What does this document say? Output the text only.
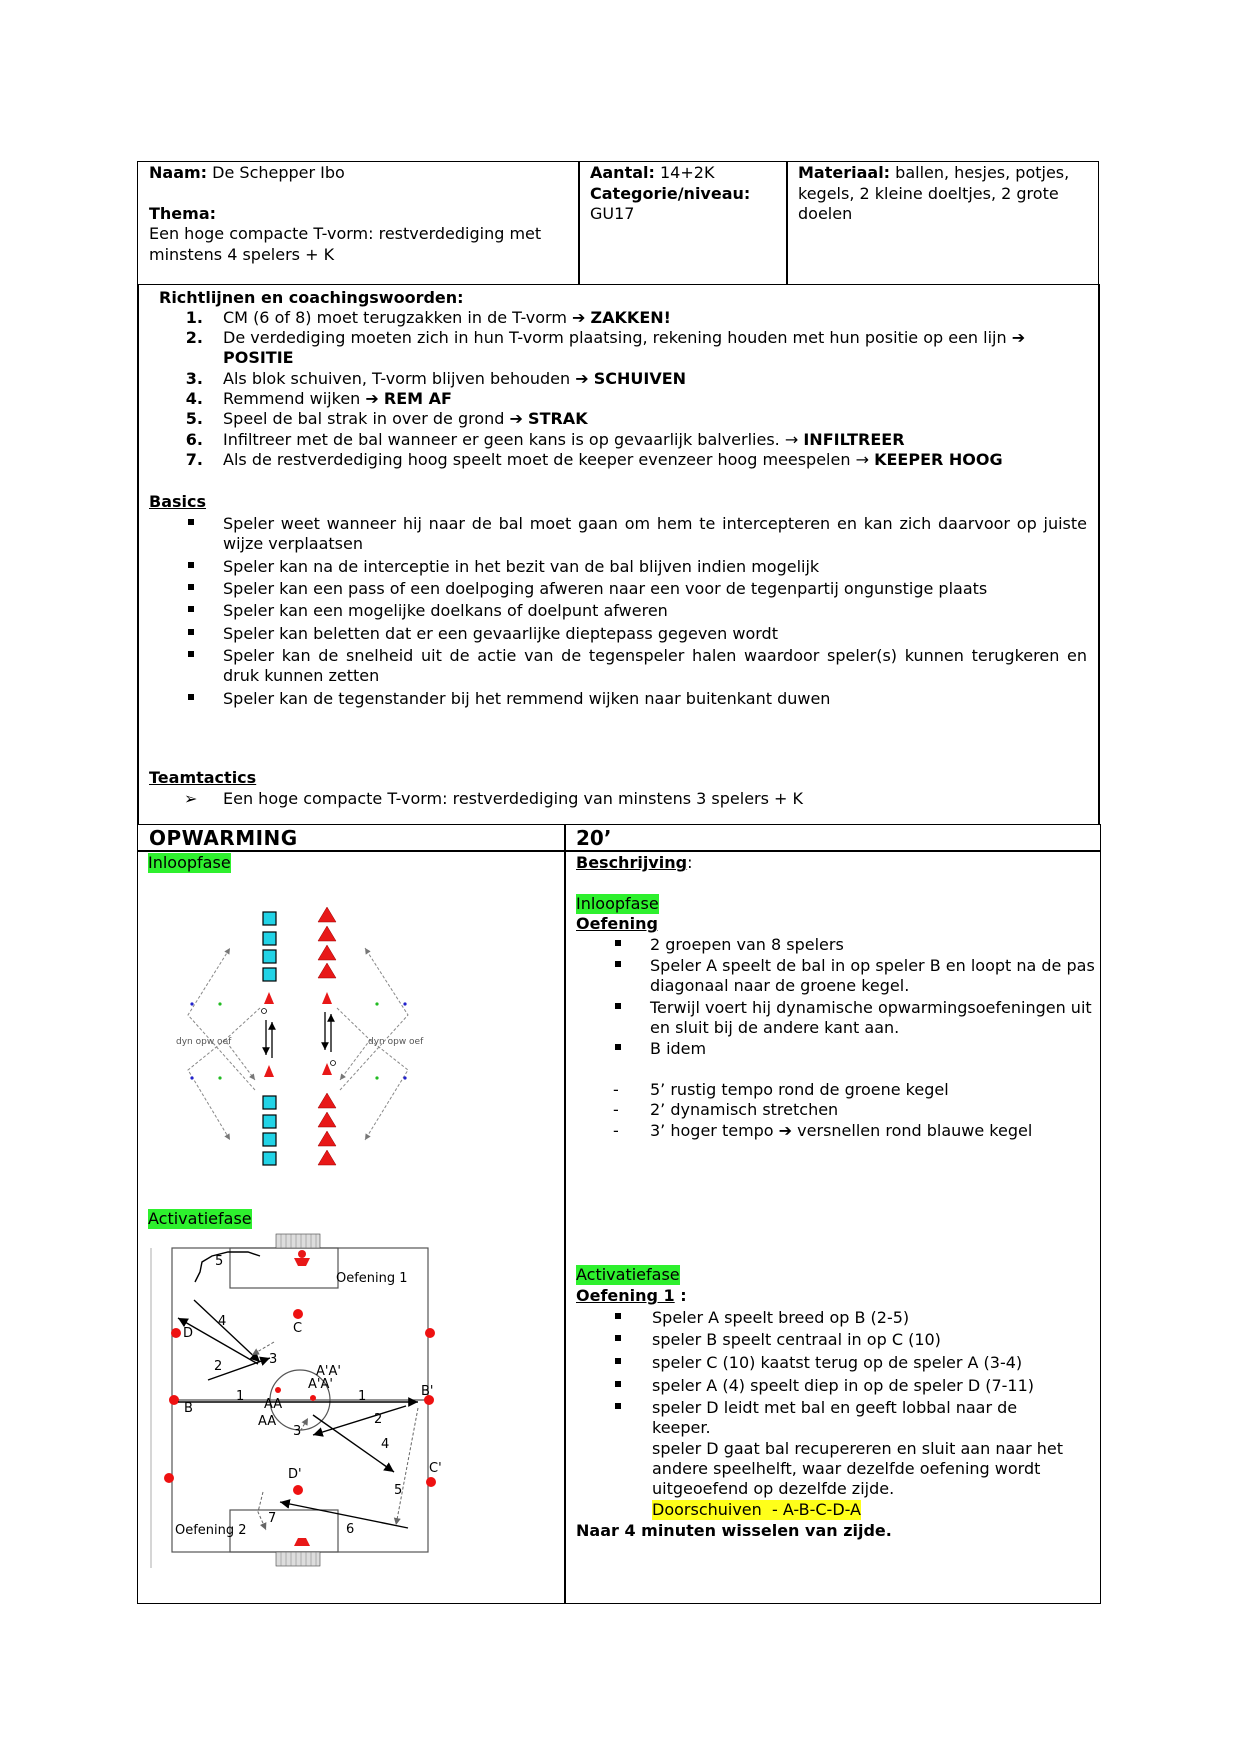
Naam: De Schepper Ibo
Thema:
Een hoge compacte T-vorm: restverdediging met
minstens 4 spelers + K
Aantal: 14+2K
Categorie/niveau:
GU17
Materiaal: ballen, hesjes, potjes,
kegels, 2 kleine doeltjes, 2 grote
doelen
Richtlijnen en coachingswoorden:
1. CM (6 of 8) moet terugzakken in de T-vorm ➔ ZAKKEN!
2. De verdediging moeten zich in hun T-vorm plaatsing, rekening houden met hun positie op een lijn ➔
POSITIE
3. Als blok schuiven, T-vorm blijven behouden ➔ SCHUIVEN
4. Remmend wijken ➔ REM AF
5. Speel de bal strak in over de grond ➔ STRAK
6. Infiltreer met de bal wanneer er geen kans is op gevaarlijk balverlies. → INFILTREER
7. Als de restverdediging hoog speelt moet de keeper evenzeer hoog meespelen → KEEPER HOOG
Basics
Speler weet wanneer hij naar de bal moet gaan om hem te intercepteren en kan zich daarvoor op juiste wijze verplaatsen
Speler kan na de interceptie in het bezit van de bal blijven indien mogelijk
Speler kan een pass of een doelpoging afweren naar een voor de tegenpartij ongunstige plaats
Speler kan een mogelijke doelkans of doelpunt afweren
Speler kan beletten dat er een gevaarlijke dieptepass gegeven wordt
Speler kan de snelheid uit de actie van de tegenspeler halen waardoor speler(s) kunnen terugkeren en druk kunnen zetten
Speler kan de tegenstander bij het remmend wijken naar buitenkant duwen
Teamtactics
➢ Een hoge compacte T-vorm: restverdediging van minstens 3 spelers + K
OPWARMING	20’
Inloopfase
dyn opw oef	dyn opw oef
Activatiefase
Oefening 1
Oefening 2
D	C
B
B'
C'
D'
A'A'
A'A'
AA
AA
1	1
2
2
3
3
4
4
5
5
6
7
Beschrijving:
Inloopfase
Oefening
2 groepen van 8 spelers
Speler A speelt de bal in op speler B en loopt na de pas diagonaal naar de groene kegel.
Terwijl voert hij dynamische opwarmingsoefeningen uit en sluit bij de andere kant aan.
B idem
- 5’ rustig tempo rond de groene kegel
- 2’ dynamisch stretchen
- 3’ hoger tempo ➔ versnellen rond blauwe kegel
Activatiefase
Oefening 1 :
Speler A speelt breed op B (2-5)
speler B speelt centraal in op C (10)
speler C (10) kaatst terug op de speler A (3-4)
speler A (4) speelt diep in op de speler D (7-11)
speler D leidt met bal en geeft lobbal naar de keeper.
speler D gaat bal recupereren en sluit aan naar het andere speelhelft, waar dezelfde oefening wordt uitgeoefend op dezelfde zijde.
Doorschuiven  - A-B-C-D-A
Naar 4 minuten wisselen van zijde.
